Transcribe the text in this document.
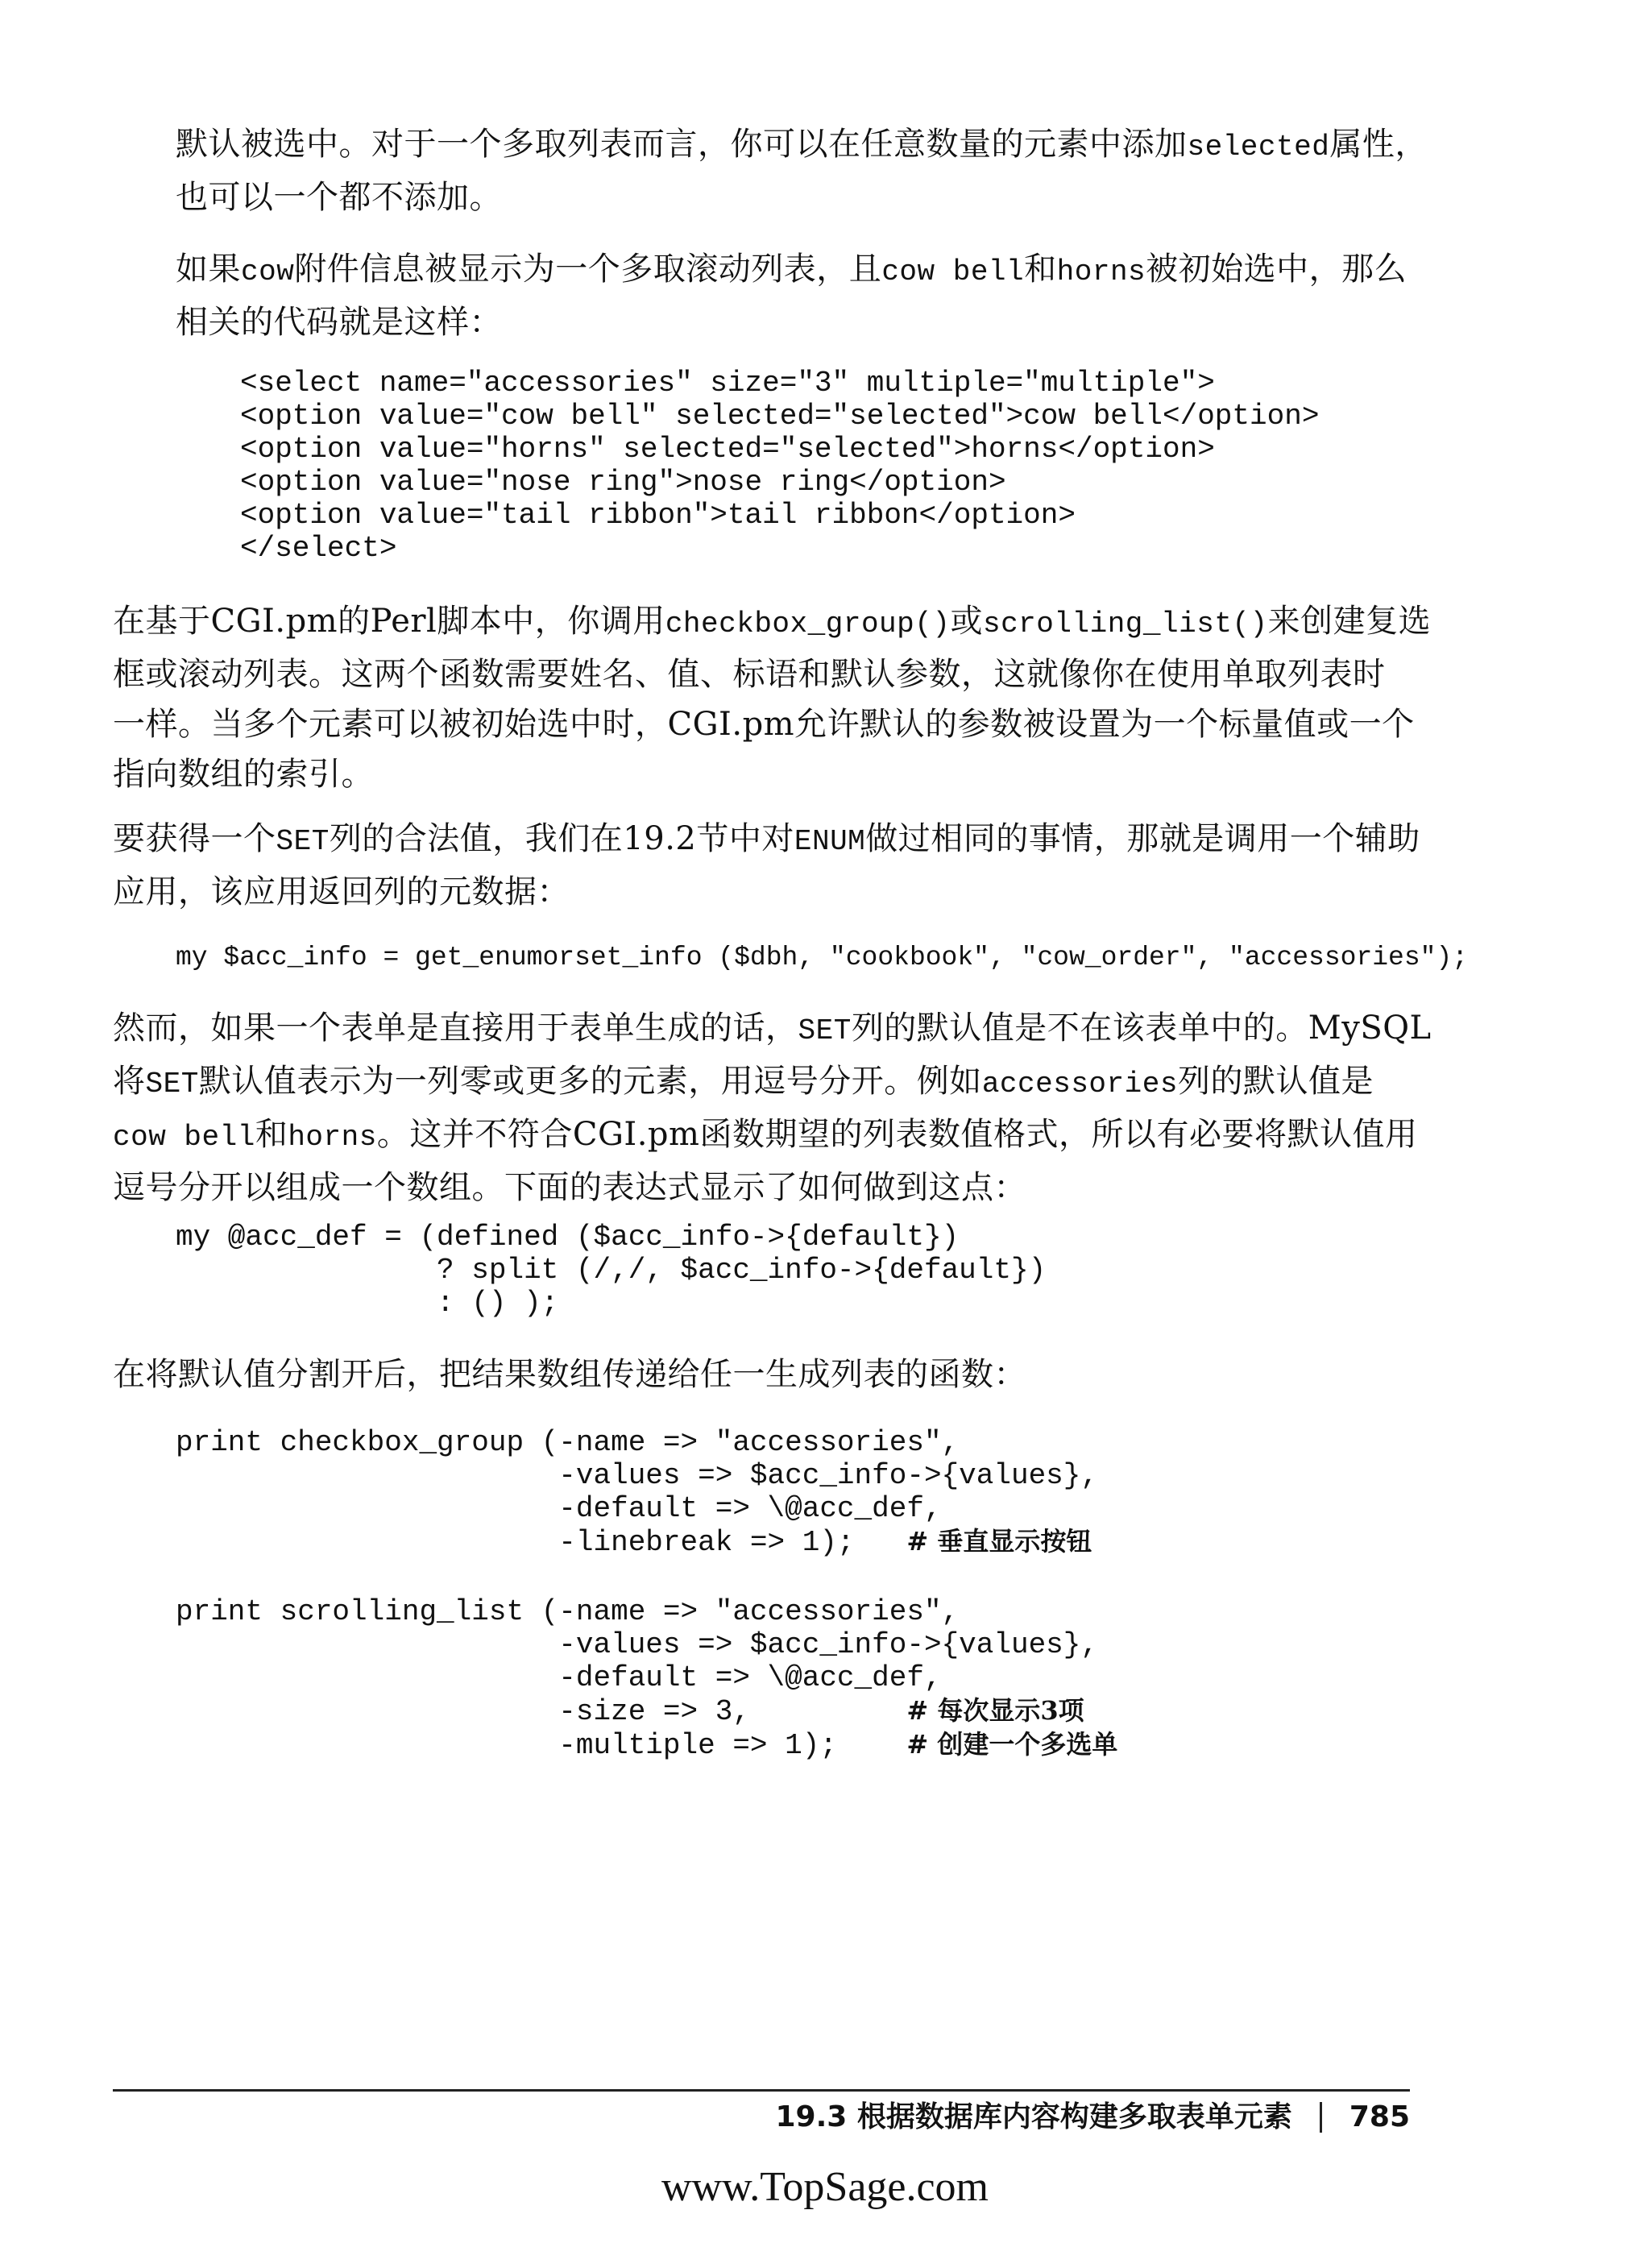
默认被选中。对于一个多取列表而言，你可以在任意数量的元素中添加selected属性，
也可以一个都不添加。
如果cow附件信息被显示为一个多取滚动列表，且cow bell和horns被初始选中，那么
相关的代码就是这样：
<select name="accessories" size="3" multiple="multiple">
<option value="cow bell" selected="selected">cow bell</option>
<option value="horns" selected="selected">horns</option>
<option value="nose ring">nose ring</option>
<option value="tail ribbon">tail ribbon</option>
</select>
在基于CGI.pm的Perl脚本中，你调用checkbox_group()或scrolling_list()来创建复选
框或滚动列表。这两个函数需要姓名、值、标语和默认参数，这就像你在使用单取列表时
一样。当多个元素可以被初始选中时，CGI.pm允许默认的参数被设置为一个标量值或一个
指向数组的索引。
要获得一个SET列的合法值，我们在19.2节中对ENUM做过相同的事情，那就是调用一个辅助
应用，该应用返回列的元数据：
my $acc_info = get_enumorset_info ($dbh, "cookbook", "cow_order", "accessories");
然而，如果一个表单是直接用于表单生成的话，SET列的默认值是不在该表单中的。MySQL
将SET默认值表示为一列零或更多的元素，用逗号分开。例如accessories列的默认值是
cow bell和horns。这并不符合CGI.pm函数期望的列表数值格式，所以有必要将默认值用
逗号分开以组成一个数组。下面的表达式显示了如何做到这点：
my @acc_def = (defined ($acc_info->{default})
? split (/,/, $acc_info->{default})
: () );
在将默认值分割开后，把结果数组传递给任一生成列表的函数：
print checkbox_group (-name => "accessories",
-values => $acc_info->{values},
-default => \@acc_def,
-linebreak => 1);   # 垂直显示按钮
print scrolling_list (-name => "accessories",
-values => $acc_info->{values},
-default => \@acc_def,
-size => 3,         # 每次显示3项
-multiple => 1);    # 创建一个多选单
19.3 根据数据库内容构建多取表单元素 785
www.TopSage.com
